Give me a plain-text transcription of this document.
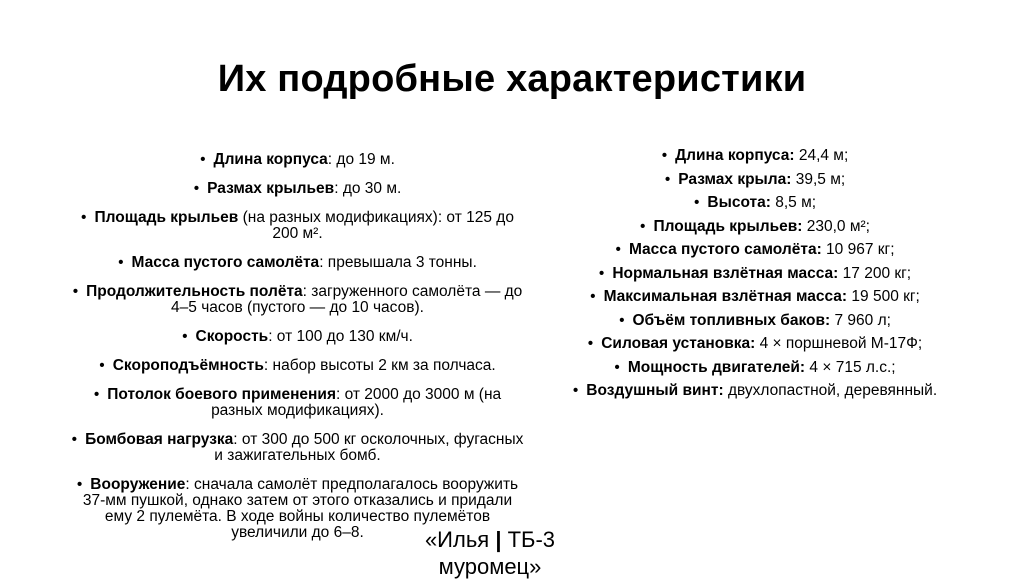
Их подробные характеристики
• Длина корпуса: до 19 м.
• Размах крыльев: до 30 м.
• Площадь крыльев (на разных модификациях): от 125 до 200 м².
• Масса пустого самолёта: превышала 3 тонны.
• Продолжительность полёта: загруженного самолёта — до 4–5 часов (пустого — до 10 часов).
• Скорость: от 100 до 130 км/ч.
• Скороподъёмность: набор высоты 2 км за полчаса.
• Потолок боевого применения: от 2000 до 3000 м (на разных модификациях).
• Бомбовая нагрузка: от 300 до 500 кг осколочных, фугасных и зажигательных бомб.
• Вооружение: сначала самолёт предполагалось вооружить 37-мм пушкой, однако затем от этого отказались и придали ему 2 пулемёта. В ходе войны количество пулемётов увеличили до 6–8.
• Длина корпуса: 24,4 м;
• Размах крыла: 39,5 м;
• Высота: 8,5 м;
• Площадь крыльев: 230,0 м²;
• Масса пустого самолёта: 10 967 кг;
• Нормальная взлётная масса: 17 200 кг;
• Максимальная взлётная масса: 19 500 кг;
• Объём топливных баков: 7 960 л;
• Силовая установка: 4 × поршневой М-17Ф;
• Мощность двигателей: 4 × 715 л.с.;
• Воздушный винт: двухлопастной, деревянный.
«Илья | ТБ-3
муромец»
